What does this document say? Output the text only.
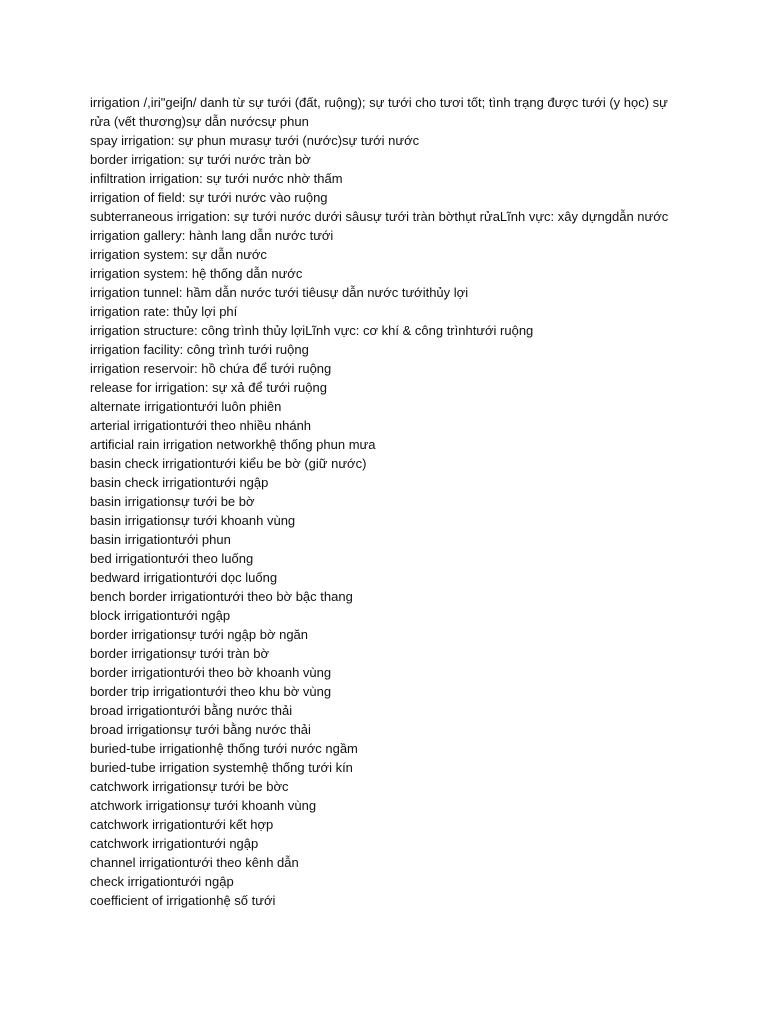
irrigation /,iri"geiʃn/ danh từ sự tưới (đất, ruộng); sự tưới cho tươi tốt; tình trạng được tưới (y học) sự rửa (vết thương)sự dẫn nướcsự phun

spay irrigation: sự phun mưasự tưới (nước)sự tưới nước

border irrigation: sự tưới nước tràn bờ

infiltration irrigation: sự tưới nước nhờ thấm

irrigation of field: sự tưới nước vào ruộng

subterraneous irrigation: sự tưới nước dưới sâusự tưới tràn bờthụt rửaLĩnh vực: xây dựngdẫn nước

irrigation gallery: hành lang dẫn nước tưới

irrigation system: sự dẫn nước

irrigation system: hệ thống dẫn nước

irrigation tunnel: hầm dẫn nước tưới tiêusự dẫn nước tướithủy lợi

irrigation rate: thủy lợi phí

irrigation structure: công trình thủy lợiLĩnh vực: cơ khí & công trìnhtưới ruộng

irrigation facility: công trình tưới ruộng

irrigation reservoir: hồ chứa để tưới ruộng

release for irrigation: sự xả để tưới ruộng

alternate irrigationtưới luôn phiên

arterial irrigationtưới theo nhiều nhánh

artificial rain irrigation networkhệ thống phun mưa

basin check irrigationtưới kiểu be bờ (giữ nước)

basin check irrigationtưới ngập

basin irrigationsự tưới be bờ

basin irrigationsự tưới khoanh vùng

basin irrigationtưới phun

bed irrigationtưới theo luống

bedward irrigationtưới dọc luống

bench border irrigationtưới theo bờ bậc thang

block irrigationtưới ngập

border irrigationsự tưới ngập bờ ngăn

border irrigationsự tưới tràn bờ

border irrigationtưới theo bờ khoanh vùng

border trip irrigationtưới theo khu bờ vùng

broad irrigationtưới bằng nước thải

broad irrigationsự tưới bằng nước thải

buried-tube irrigationhệ thống tưới nước ngầm

buried-tube irrigation systemhệ thống tưới kín

catchwork irrigationsự tưới be bờc

atchwork irrigationsự tưới khoanh vùng

catchwork irrigationtưới kết hợp

catchwork irrigationtưới ngập

channel irrigationtưới theo kênh dẫn

check irrigationtưới ngập

coefficient of irrigationhệ số tưới
